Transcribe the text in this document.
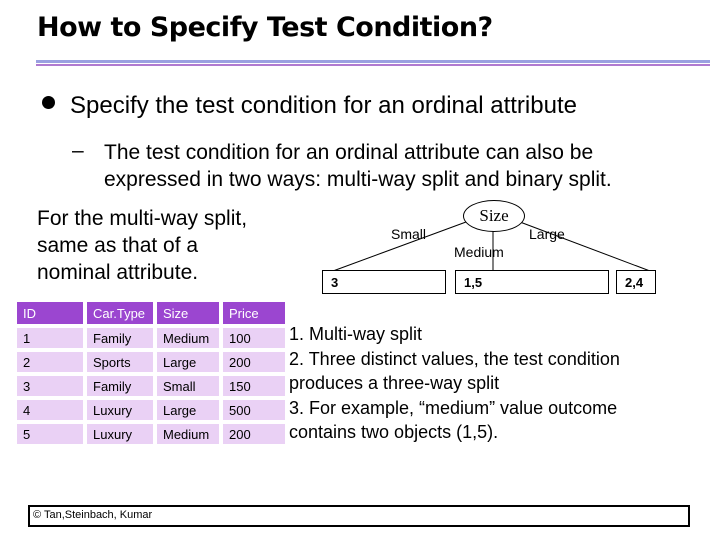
How to Specify Test Condition?
Specify the test condition for an ordinal attribute
– The test condition for an ordinal attribute can also be
expressed in two ways: multi-way split and binary split.
For the multi-way split,
same as that of a
nominal attribute.
Size
Small
Medium
Large
3	1,5	2,4
ID	Car.Type	Size	Price
1	Family	Medium	100
2	Sports	Large	200
3	Family	Small	150
4	Luxury	Large	500
5	Luxury	Medium	200
1. Multi-way split
2. Three distinct values, the test condition
produces a three-way split
3. For example, “medium” value outcome
contains two objects (1,5).
© Tan,Steinbach, Kumar
